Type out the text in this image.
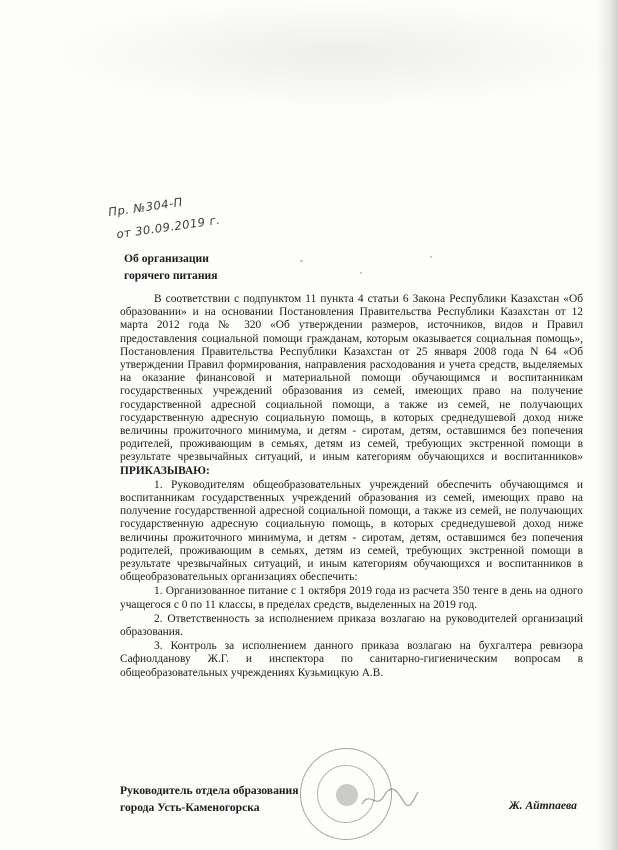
Пр. №304-П
от 30.09.2019 г.
Об организации
горячего питания

В соответствии с подпунктом 11 пункта 4 статьи 6 Закона Республики Казахстан «Об образовании» и на основании Постановления Правительства Республики Казахстан от 12 марта 2012 года № 320 «Об утверждении размеров, источников, видов и Правил предоставления социальной помощи гражданам, которым оказывается социальная помощь», Постановления Правительства Республики Казахстан от 25 января 2008 года N 64 «Об утверждении Правил формирования, направления расходования и учета средств, выделяемых на оказание финансовой и материальной помощи обучающимся и воспитанникам государственных учреждений образования из семей, имеющих право на получение государственной адресной социальной помощи, а также из семей, не получающих государственную адресную социальную помощь, в которых среднедушевой доход ниже величины прожиточного минимума, и детям - сиротам, детям, оставшимся без попечения родителей, проживающим в семьях, детям из семей, требующих экстренной помощи в результате чрезвычайных ситуаций, и иным категориям обучающихся и воспитанников» ПРИКАЗЫВАЮ:

1. Руководителям общеобразовательных учреждений обеспечить обучающимся и воспитанникам государственных учреждений образования из семей, имеющих право на получение государственной адресной социальной помощи, а также из семей, не получающих государственную адресную социальную помощь, в которых среднедушевой доход ниже величины прожиточного минимума, и детям - сиротам, детям, оставшимся без попечения родителей, проживающим в семьях, детям из семей, требующих экстренной помощи в результате чрезвычайных ситуаций, и иным категориям обучающихся и воспитанников в общеобразовательных организациях обеспечить:

1. Организованное питание с 1 октября 2019 года из расчета 350 тенге в день на одного учащегося с 0 по 11 классы, в пределах средств, выделенных на 2019 год.

2. Ответственность за исполнением приказа возлагаю на руководителей организаций образования.

3. Контроль за исполнением данного приказа возлагаю на бухгалтера ревизора Сафиолданову Ж.Г. и инспектора по санитарно-гигиеническим вопросам в общеобразовательных учреждениях Кузьмицкую А.В.

Руководитель отдела образования
города Усть-Каменогорска	Ж. Айтпаева
